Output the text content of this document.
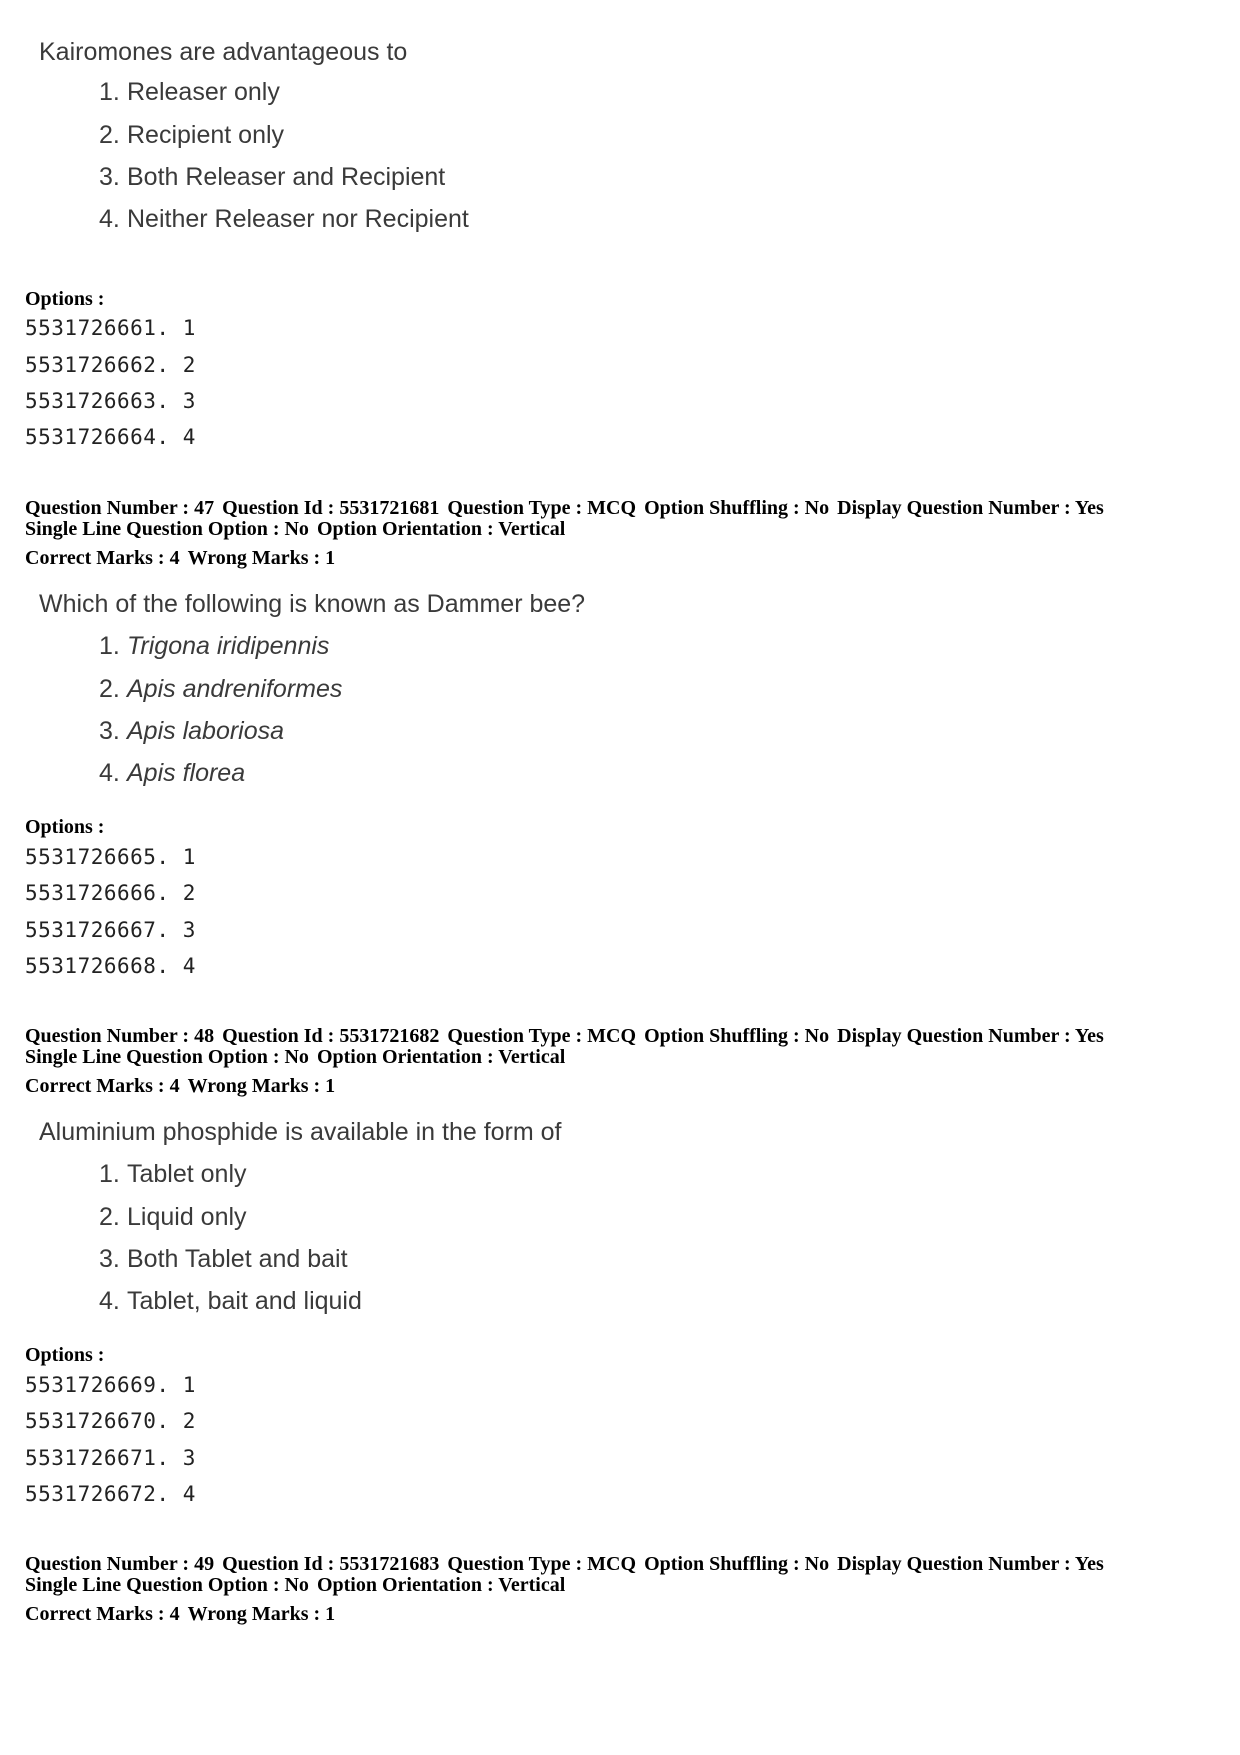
Kairomones are advantageous to
1. Releaser only
2. Recipient only
3. Both Releaser and Recipient
4. Neither Releaser nor Recipient
Options :
5531726661. 1
5531726662. 2
5531726663. 3
5531726664. 4
Question Number : 47 Question Id : 5531721681 Question Type : MCQ Option Shuffling : No Display Question Number : Yes
Single Line Question Option : No Option Orientation : Vertical
Correct Marks : 4 Wrong Marks : 1
Which of the following is known as Dammer bee?
1. Trigona iridipennis
2. Apis andreniformes
3. Apis laboriosa
4. Apis florea
Options :
5531726665. 1
5531726666. 2
5531726667. 3
5531726668. 4
Question Number : 48 Question Id : 5531721682 Question Type : MCQ Option Shuffling : No Display Question Number : Yes
Single Line Question Option : No Option Orientation : Vertical
Correct Marks : 4 Wrong Marks : 1
Aluminium phosphide is available in the form of
1. Tablet only
2. Liquid only
3. Both Tablet and bait
4. Tablet, bait and liquid
Options :
5531726669. 1
5531726670. 2
5531726671. 3
5531726672. 4
Question Number : 49 Question Id : 5531721683 Question Type : MCQ Option Shuffling : No Display Question Number : Yes
Single Line Question Option : No Option Orientation : Vertical
Correct Marks : 4 Wrong Marks : 1
